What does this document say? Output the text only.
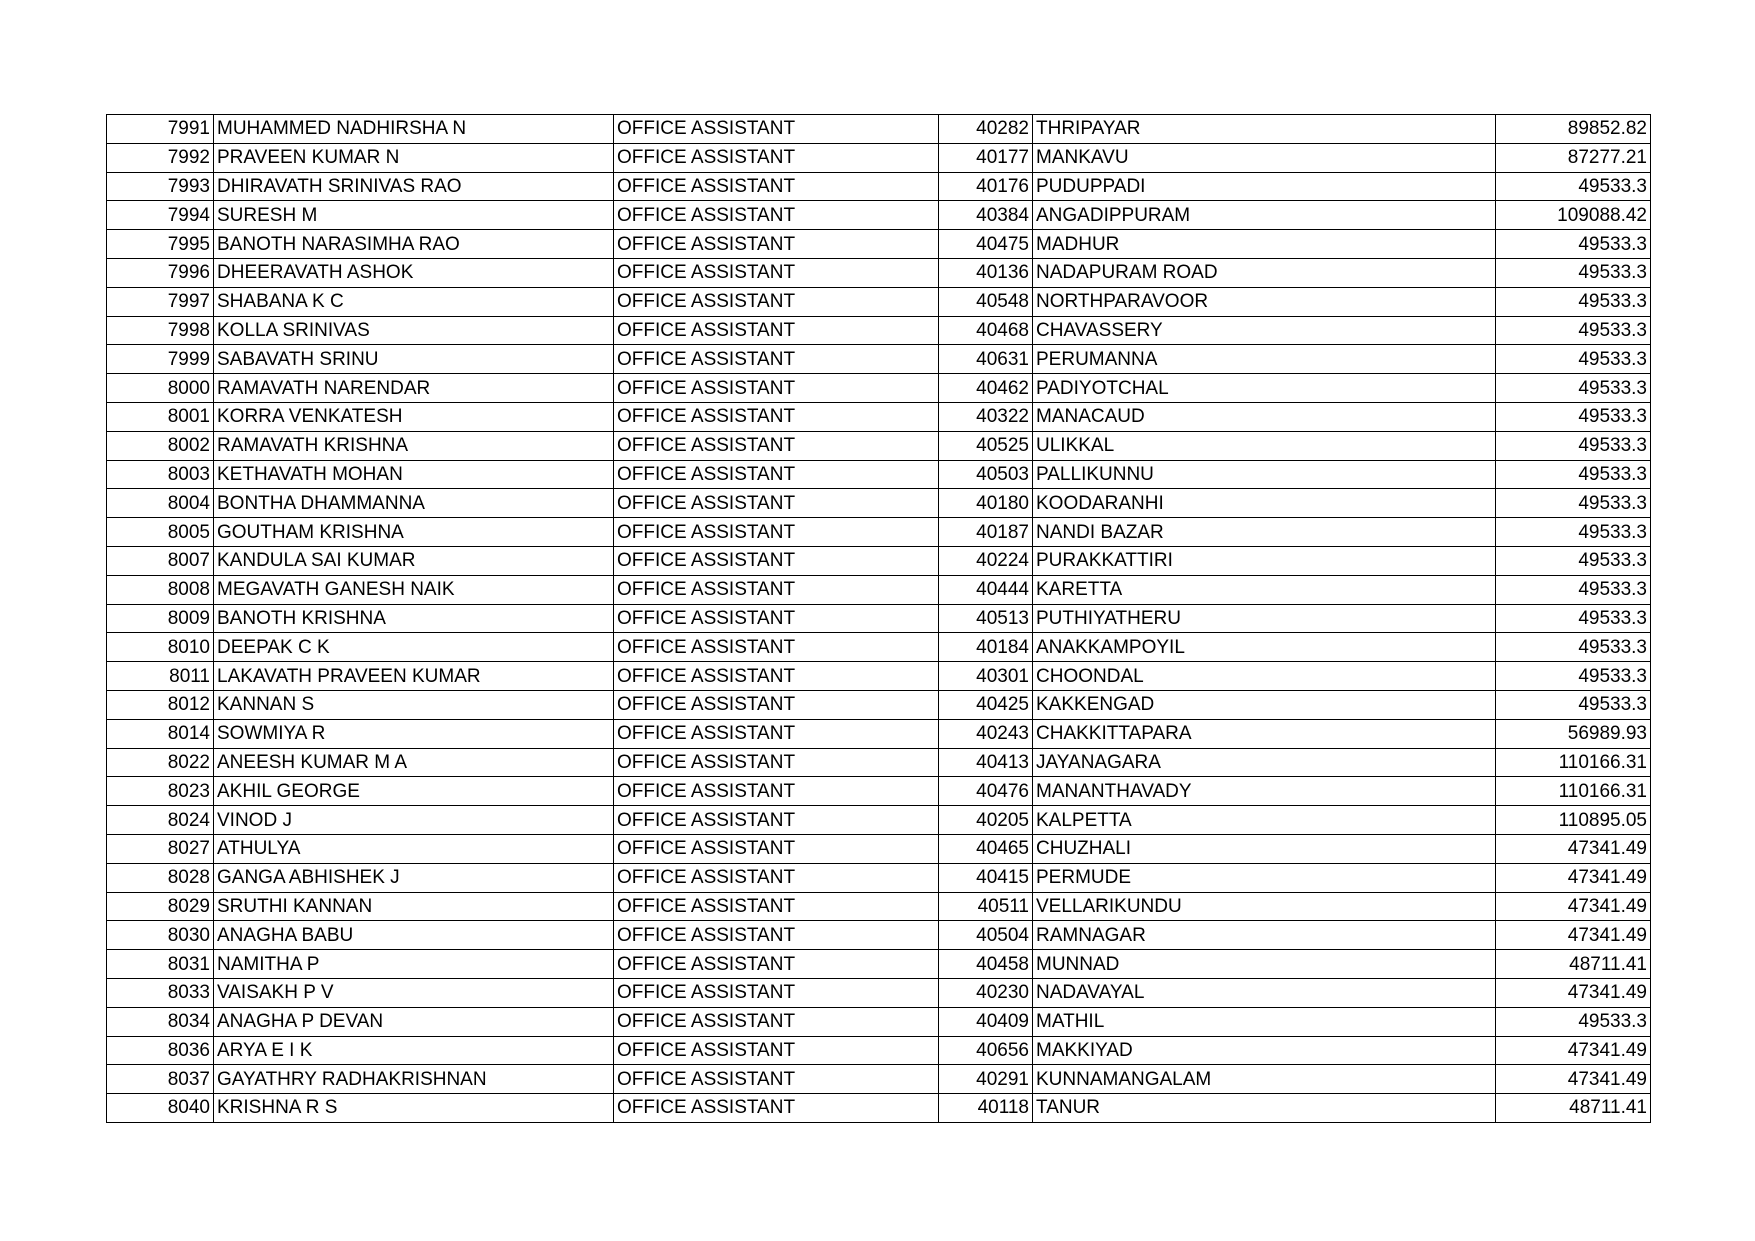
7991	MUHAMMED NADHIRSHA N	OFFICE ASSISTANT	40282	THRIPAYAR	89852.82
7992	PRAVEEN KUMAR N	OFFICE ASSISTANT	40177	MANKAVU	87277.21
7993	DHIRAVATH SRINIVAS RAO	OFFICE ASSISTANT	40176	PUDUPPADI	49533.3
7994	SURESH M	OFFICE ASSISTANT	40384	ANGADIPPURAM	109088.42
7995	BANOTH NARASIMHA RAO	OFFICE ASSISTANT	40475	MADHUR	49533.3
7996	DHEERAVATH ASHOK	OFFICE ASSISTANT	40136	NADAPURAM ROAD	49533.3
7997	SHABANA K C	OFFICE ASSISTANT	40548	NORTHPARAVOOR	49533.3
7998	KOLLA SRINIVAS	OFFICE ASSISTANT	40468	CHAVASSERY	49533.3
7999	SABAVATH SRINU	OFFICE ASSISTANT	40631	PERUMANNA	49533.3
8000	RAMAVATH NARENDAR	OFFICE ASSISTANT	40462	PADIYOTCHAL	49533.3
8001	KORRA VENKATESH	OFFICE ASSISTANT	40322	MANACAUD	49533.3
8002	RAMAVATH KRISHNA	OFFICE ASSISTANT	40525	ULIKKAL	49533.3
8003	KETHAVATH MOHAN	OFFICE ASSISTANT	40503	PALLIKUNNU	49533.3
8004	BONTHA DHAMMANNA	OFFICE ASSISTANT	40180	KOODARANHI	49533.3
8005	GOUTHAM KRISHNA	OFFICE ASSISTANT	40187	NANDI BAZAR	49533.3
8007	KANDULA SAI KUMAR	OFFICE ASSISTANT	40224	PURAKKATTIRI	49533.3
8008	MEGAVATH GANESH NAIK	OFFICE ASSISTANT	40444	KARETTA	49533.3
8009	BANOTH KRISHNA	OFFICE ASSISTANT	40513	PUTHIYATHERU	49533.3
8010	DEEPAK C K	OFFICE ASSISTANT	40184	ANAKKAMPOYIL	49533.3
8011	LAKAVATH PRAVEEN KUMAR	OFFICE ASSISTANT	40301	CHOONDAL	49533.3
8012	KANNAN S	OFFICE ASSISTANT	40425	KAKKENGAD	49533.3
8014	SOWMIYA R	OFFICE ASSISTANT	40243	CHAKKITTAPARA	56989.93
8022	ANEESH KUMAR M A	OFFICE ASSISTANT	40413	JAYANAGARA	110166.31
8023	AKHIL GEORGE	OFFICE ASSISTANT	40476	MANANTHAVADY	110166.31
8024	VINOD J	OFFICE ASSISTANT	40205	KALPETTA	110895.05
8027	ATHULYA	OFFICE ASSISTANT	40465	CHUZHALI	47341.49
8028	GANGA ABHISHEK J	OFFICE ASSISTANT	40415	PERMUDE	47341.49
8029	SRUTHI KANNAN	OFFICE ASSISTANT	40511	VELLARIKUNDU	47341.49
8030	ANAGHA BABU	OFFICE ASSISTANT	40504	RAMNAGAR	47341.49
8031	NAMITHA P	OFFICE ASSISTANT	40458	MUNNAD	48711.41
8033	VAISAKH P V	OFFICE ASSISTANT	40230	NADAVAYAL	47341.49
8034	ANAGHA P DEVAN	OFFICE ASSISTANT	40409	MATHIL	49533.3
8036	ARYA E I K	OFFICE ASSISTANT	40656	MAKKIYAD	47341.49
8037	GAYATHRY RADHAKRISHNAN	OFFICE ASSISTANT	40291	KUNNAMANGALAM	47341.49
8040	KRISHNA R S	OFFICE ASSISTANT	40118	TANUR	48711.41
